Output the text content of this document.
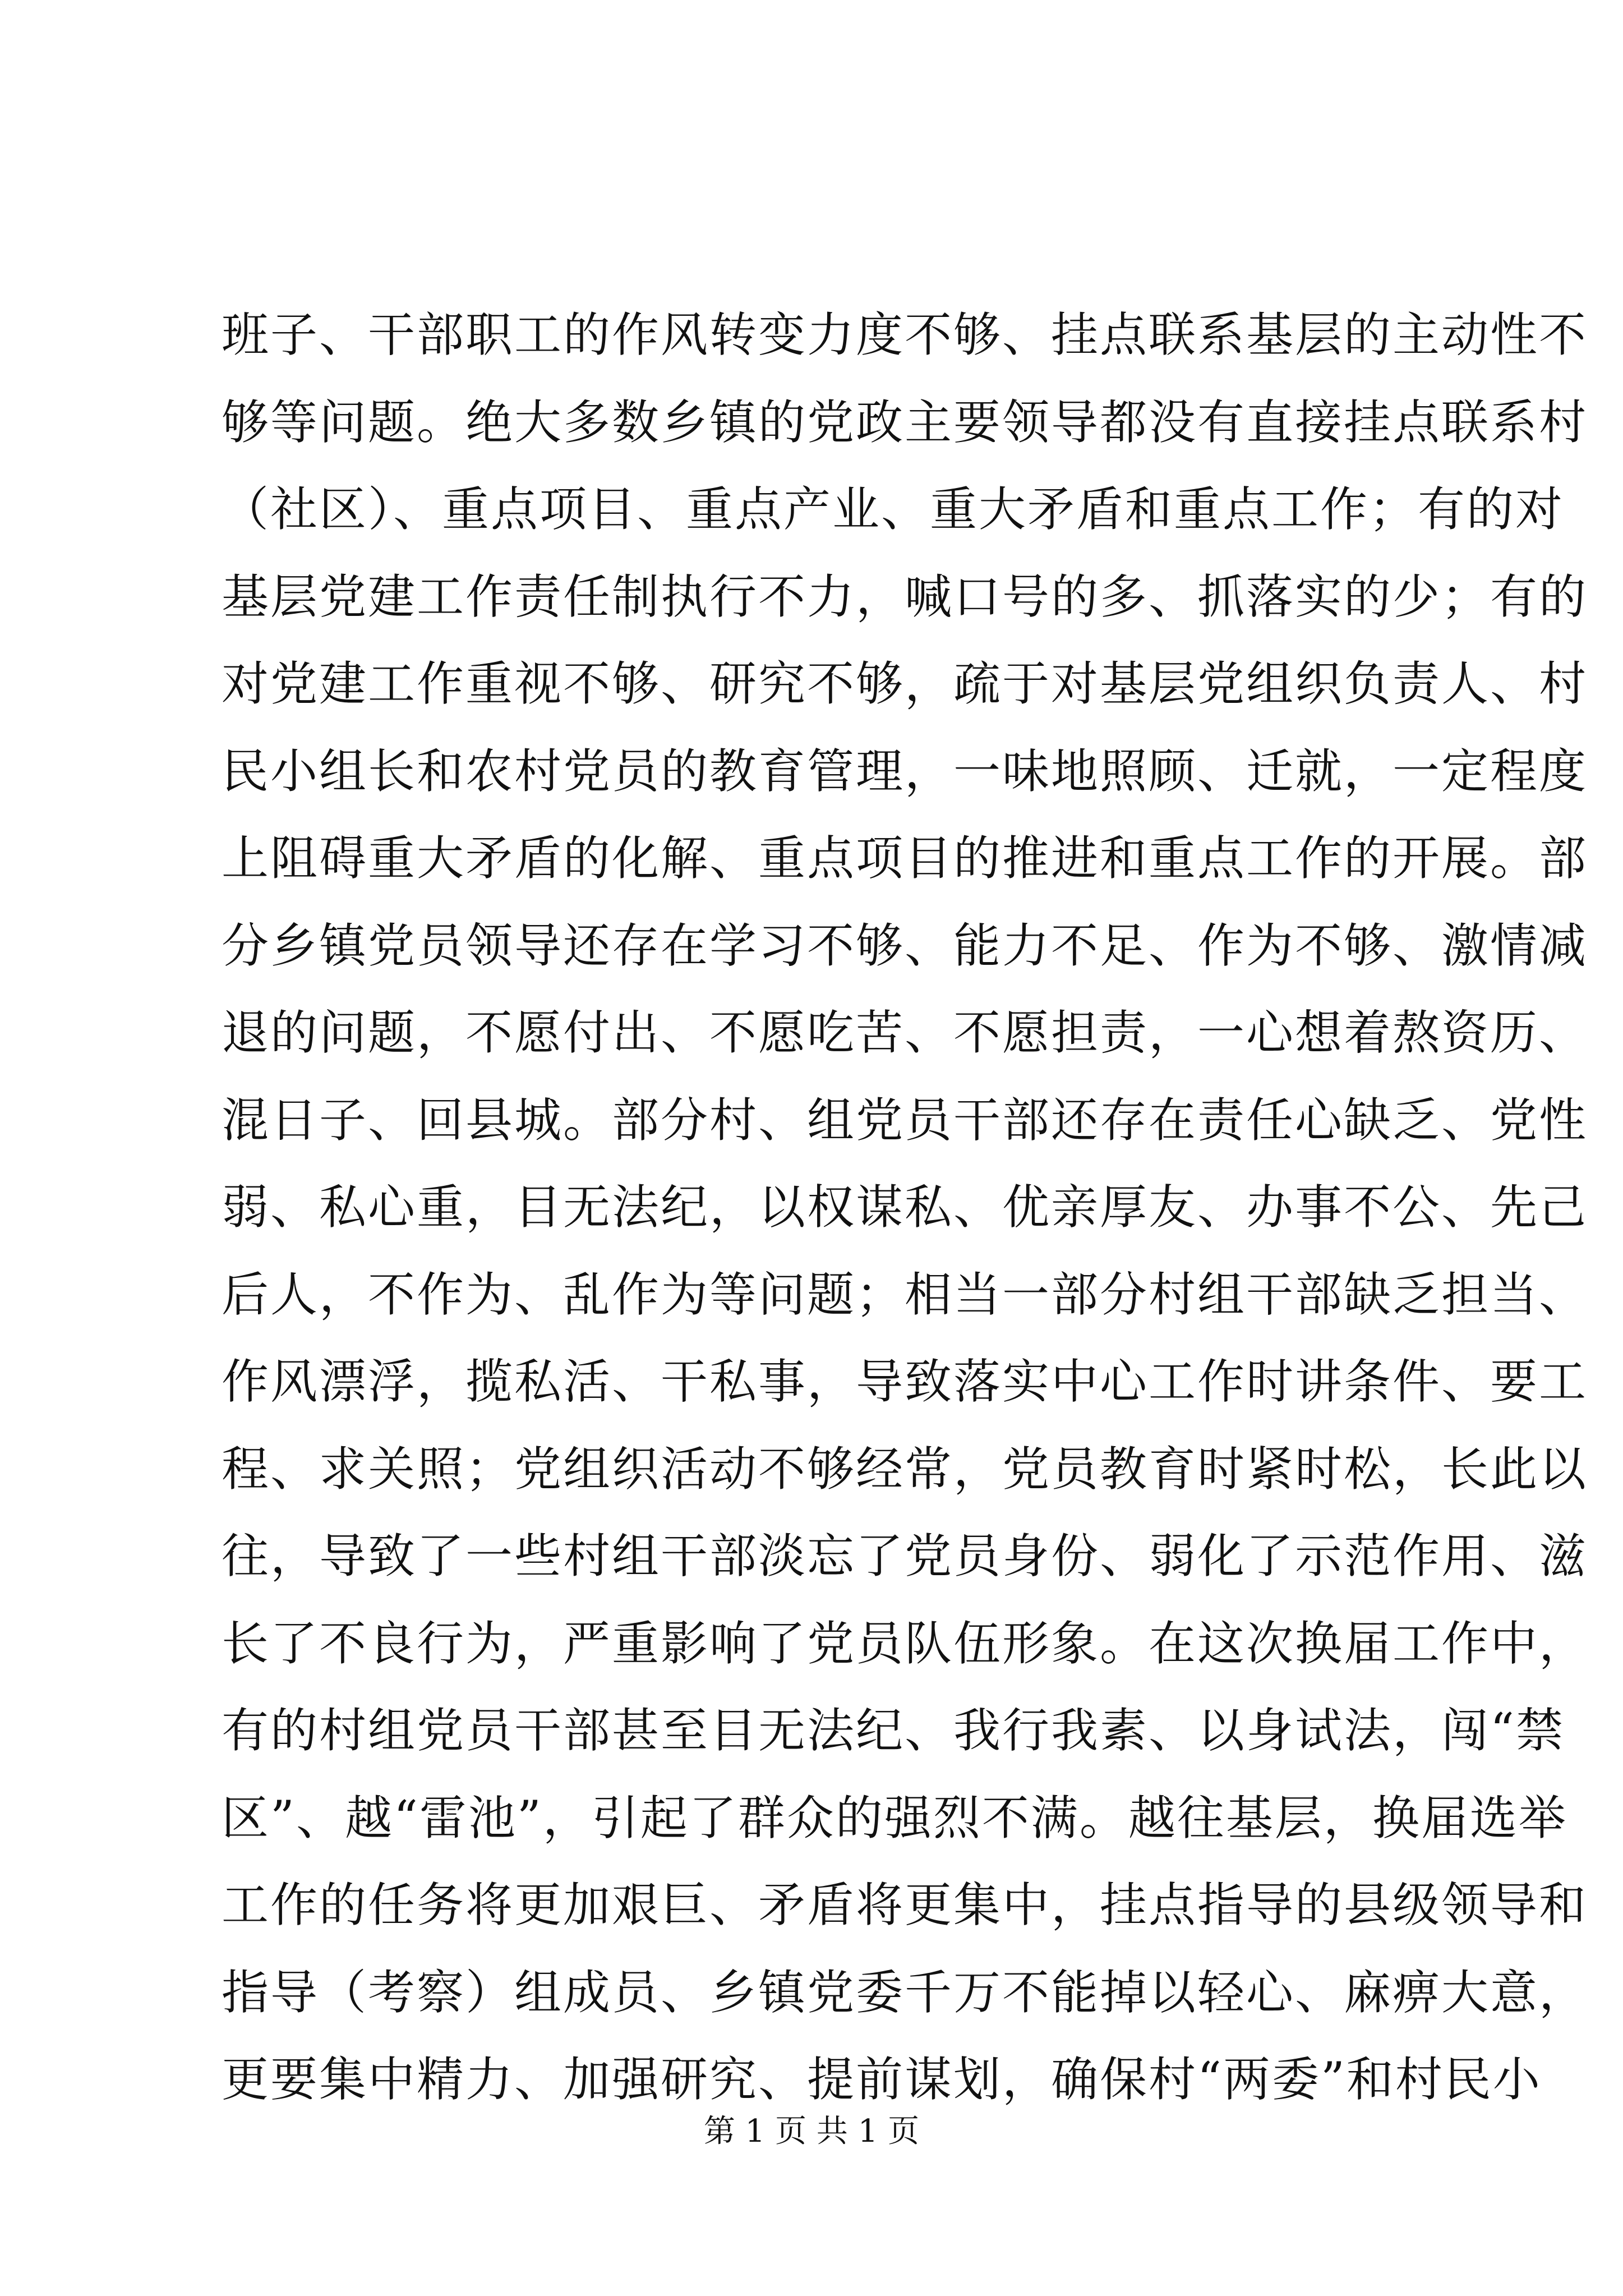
班子、干部职工的作风转变力度不够、挂点联系基层的主动性不
够等问题。绝大多数乡镇的党政主要领导都没有直接挂点联系村
（社区）、重点项目、重点产业、重大矛盾和重点工作；有的对
基层党建工作责任制执行不力，喊口号的多、抓落实的少；有的
对党建工作重视不够、研究不够，疏于对基层党组织负责人、村
民小组长和农村党员的教育管理，一味地照顾、迁就，一定程度
上阻碍重大矛盾的化解、重点项目的推进和重点工作的开展。部
分乡镇党员领导还存在学习不够、能力不足、作为不够、激情减
退的问题，不愿付出、不愿吃苦、不愿担责，一心想着熬资历、
混日子、回县城。部分村、组党员干部还存在责任心缺乏、党性
弱、私心重，目无法纪，以权谋私、优亲厚友、办事不公、先己
后人，不作为、乱作为等问题；相当一部分村组干部缺乏担当、
作风漂浮，揽私活、干私事，导致落实中心工作时讲条件、要工
程、求关照；党组织活动不够经常，党员教育时紧时松，长此以
往，导致了一些村组干部淡忘了党员身份、弱化了示范作用、滋
长了不良行为，严重影响了党员队伍形象。在这次换届工作中，
有的村组党员干部甚至目无法纪、我行我素、以身试法，闯“禁
区”、越“雷池”，引起了群众的强烈不满。越往基层，换届选举
工作的任务将更加艰巨、矛盾将更集中，挂点指导的县级领导和
指导（考察）组成员、乡镇党委千万不能掉以轻心、麻痹大意，
更要集中精力、加强研究、提前谋划，确保村“两委”和村民小
第 1 页 共 1 页
